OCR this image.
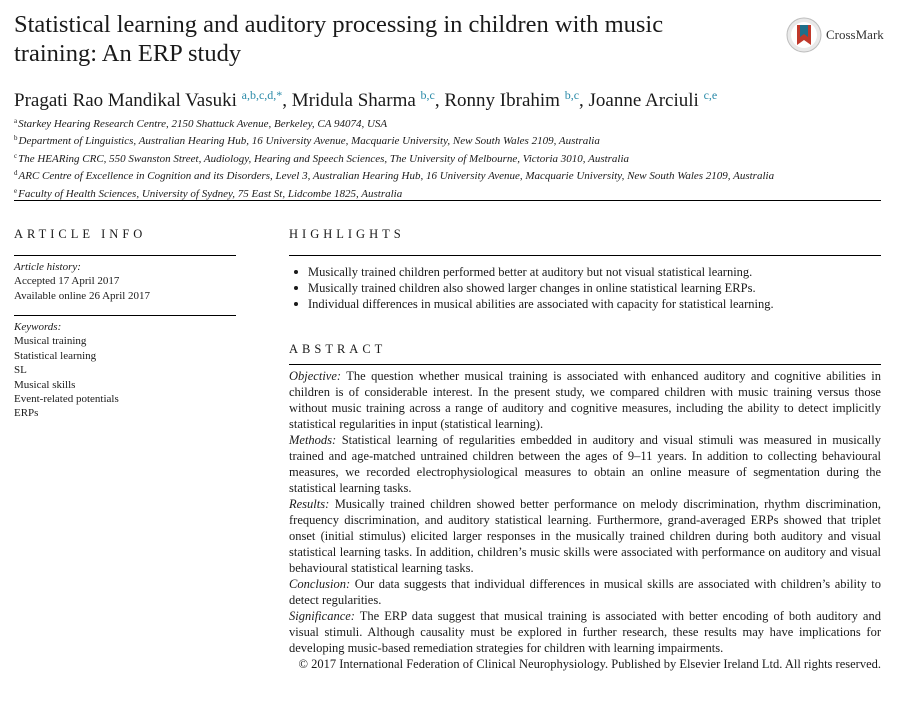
Statistical learning and auditory processing in children with music training: An ERP study
CrossMark
Pragati Rao Mandikal Vasuki $^{a,b,c,d,*}$, Mridula Sharma $^{b,c}$, Ronny Ibrahim $^{b,c}$, Joanne Arciuli $^{c,e}$
$^a$Starkey Hearing Research Centre, 2150 Shattuck Avenue, Berkeley, CA 94074, USA
$^b$Department of Linguistics, Australian Hearing Hub, 16 University Avenue, Macquarie University, New South Wales 2109, Australia
$^c$The HEARing CRC, 550 Swanston Street, Audiology, Hearing and Speech Sciences, The University of Melbourne, Victoria 3010, Australia
$^d$ARC Centre of Excellence in Cognition and its Disorders, Level 3, Australian Hearing Hub, 16 University Avenue, Macquarie University, New South Wales 2109, Australia
$^e$Faculty of Health Sciences, University of Sydney, 75 East St, Lidcombe 1825, Australia
ARTICLE INFO
Article history:
Accepted 17 April 2017
Available online 26 April 2017
Keywords:
Musical training
Statistical learning
SL
Musical skills
Event-related potentials
ERPs
HIGHLIGHTS
Musically trained children performed better at auditory but not visual statistical learning.
Musically trained children also showed larger changes in online statistical learning ERPs.
Individual differences in musical abilities are associated with capacity for statistical learning.
ABSTRACT

Objective: The question whether musical training is associated with enhanced auditory and cognitive abilities in children is of considerable interest. In the present study, we compared children with music training versus those without music training across a range of auditory and cognitive measures, including the ability to detect implicitly statistical regularities in input (statistical learning).

Methods: Statistical learning of regularities embedded in auditory and visual stimuli was measured in musically trained and age-matched untrained children between the ages of 9–11 years. In addition to collecting behavioural measures, we recorded electrophysiological measures to obtain an online measure of segmentation during the statistical learning tasks.

Results: Musically trained children showed better performance on melody discrimination, rhythm discrimination, frequency discrimination, and auditory statistical learning. Furthermore, grand-averaged ERPs showed that triplet onset (initial stimulus) elicited larger responses in the musically trained children during both auditory and visual statistical learning tasks. In addition, children’s music skills were associated with performance on auditory and visual behavioural statistical learning tasks.

Conclusion: Our data suggests that individual differences in musical skills are associated with children’s ability to detect regularities.

Significance: The ERP data suggest that musical training is associated with better encoding of both auditory and visual stimuli. Although causality must be explored in further research, these results may have implications for developing music-based remediation strategies for children with learning impairments.

© 2017 International Federation of Clinical Neurophysiology. Published by Elsevier Ireland Ltd. All rights reserved.
